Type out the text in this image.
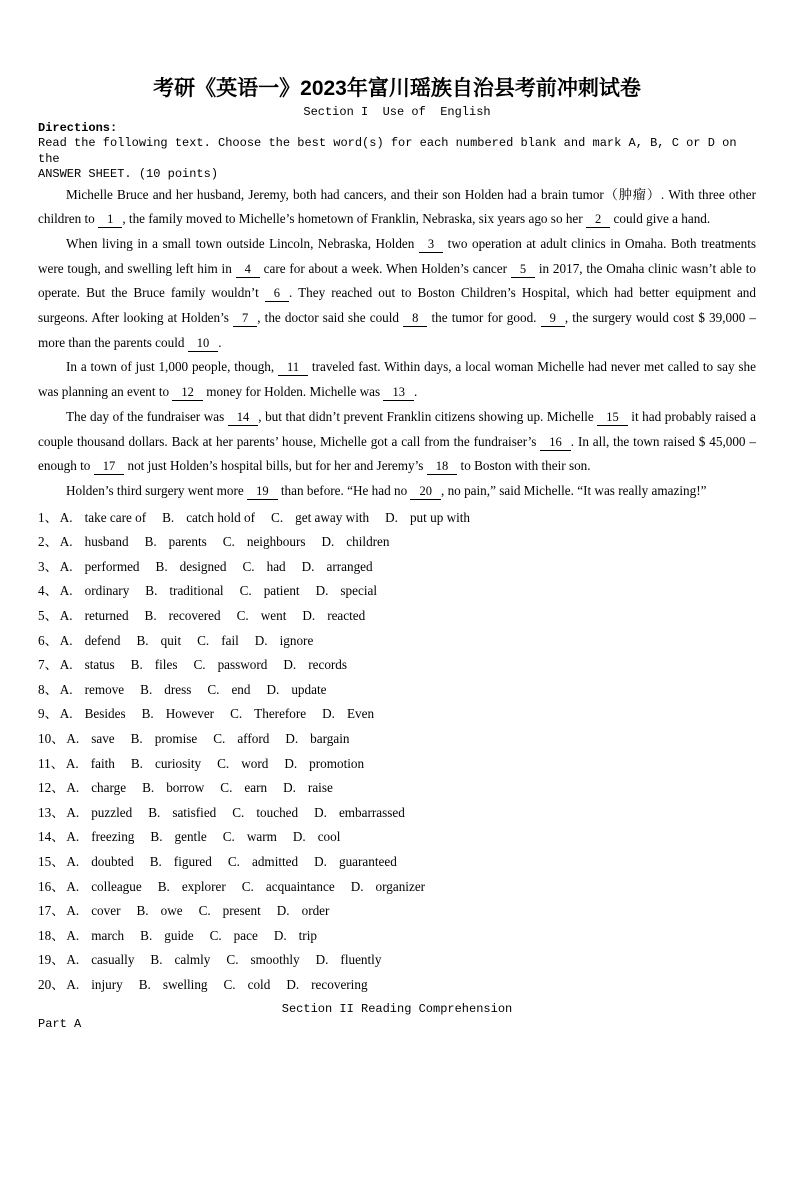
考研《英语一》2023年富川瑶族自治县考前冲刺试卷
Section I  Use of  English
Directions:
Read the following text. Choose the best word(s) for each numbered blank and mark A, B, C or D on the
ANSWER SHEET. (10 points)

Michelle Bruce and her husband, Jeremy, both had cancers, and their son Holden had a brain tumor（肿瘤）. With three other children to 1 , the family moved to Michelle’s hometown of Franklin, Nebraska, six years ago so her 2 could give a hand.

When living in a small town outside Lincoln, Nebraska, Holden 3 two operation at adult clinics in Omaha. Both treatments were tough, and swelling left him in 4 care for about a week. When Holden’s cancer 5 in 2017, the Omaha clinic wasn’t able to operate. But the Bruce family wouldn’t 6 . They reached out to Boston Children’s Hospital, which had better equipment and surgeons. After looking at Holden’s 7 , the doctor said she could 8 the tumor for good. 9 , the surgery would cost $ 39,000 – more than the parents could 10 .

In a town of just 1,000 people, though, 11 traveled fast. Within days, a local woman Michelle had never met called to say she was planning an event to 12 money for Holden. Michelle was 13 .

The day of the fundraiser was 14 , but that didn’t prevent Franklin citizens showing up. Michelle 15 it had probably raised a couple thousand dollars. Back at her parents’ house, Michelle got a call from the fundraiser’s 16 . In all, the town raised $ 45,000 – enough to 17 not just Holden’s hospital bills, but for her and Jeremy’s 18 to Boston with their son.

Holden’s third surgery went more 19 than before. “He had no 20 , no pain,” said Michelle. “It was really amazing!”

1、 A. take care of B. catch hold of C. get away with D. put up with
2、 A. husband B. parents C. neighbours D. children
3、 A. performed B. designed C. had D. arranged
4、 A. ordinary B. traditional C. patient D. special
5、 A. returned B. recovered C. went D. reacted
6、 A. defend B. quit C. fail D. ignore
7、 A. status B. files C. password D. records
8、 A. remove B. dress C. end D. update
9、 A. Besides B. However C. Therefore D. Even
10、 A. save B. promise C. afford D. bargain
11、 A. faith B. curiosity C. word D. promotion
12、 A. charge B. borrow C. earn D. raise
13、 A. puzzled B. satisfied C. touched D. embarrassed
14、 A. freezing B. gentle C. warm D. cool
15、 A. doubted B. figured C. admitted D. guaranteed
16、 A. colleague B. explorer C. acquaintance D. organizer
17、 A. cover B. owe C. present D. order
18、 A. march B. guide C. pace D. trip
19、 A. casually B. calmly C. smoothly D. fluently
20、 A. injury B. swelling C. cold D. recovering
Section II Reading Comprehension
Part A
